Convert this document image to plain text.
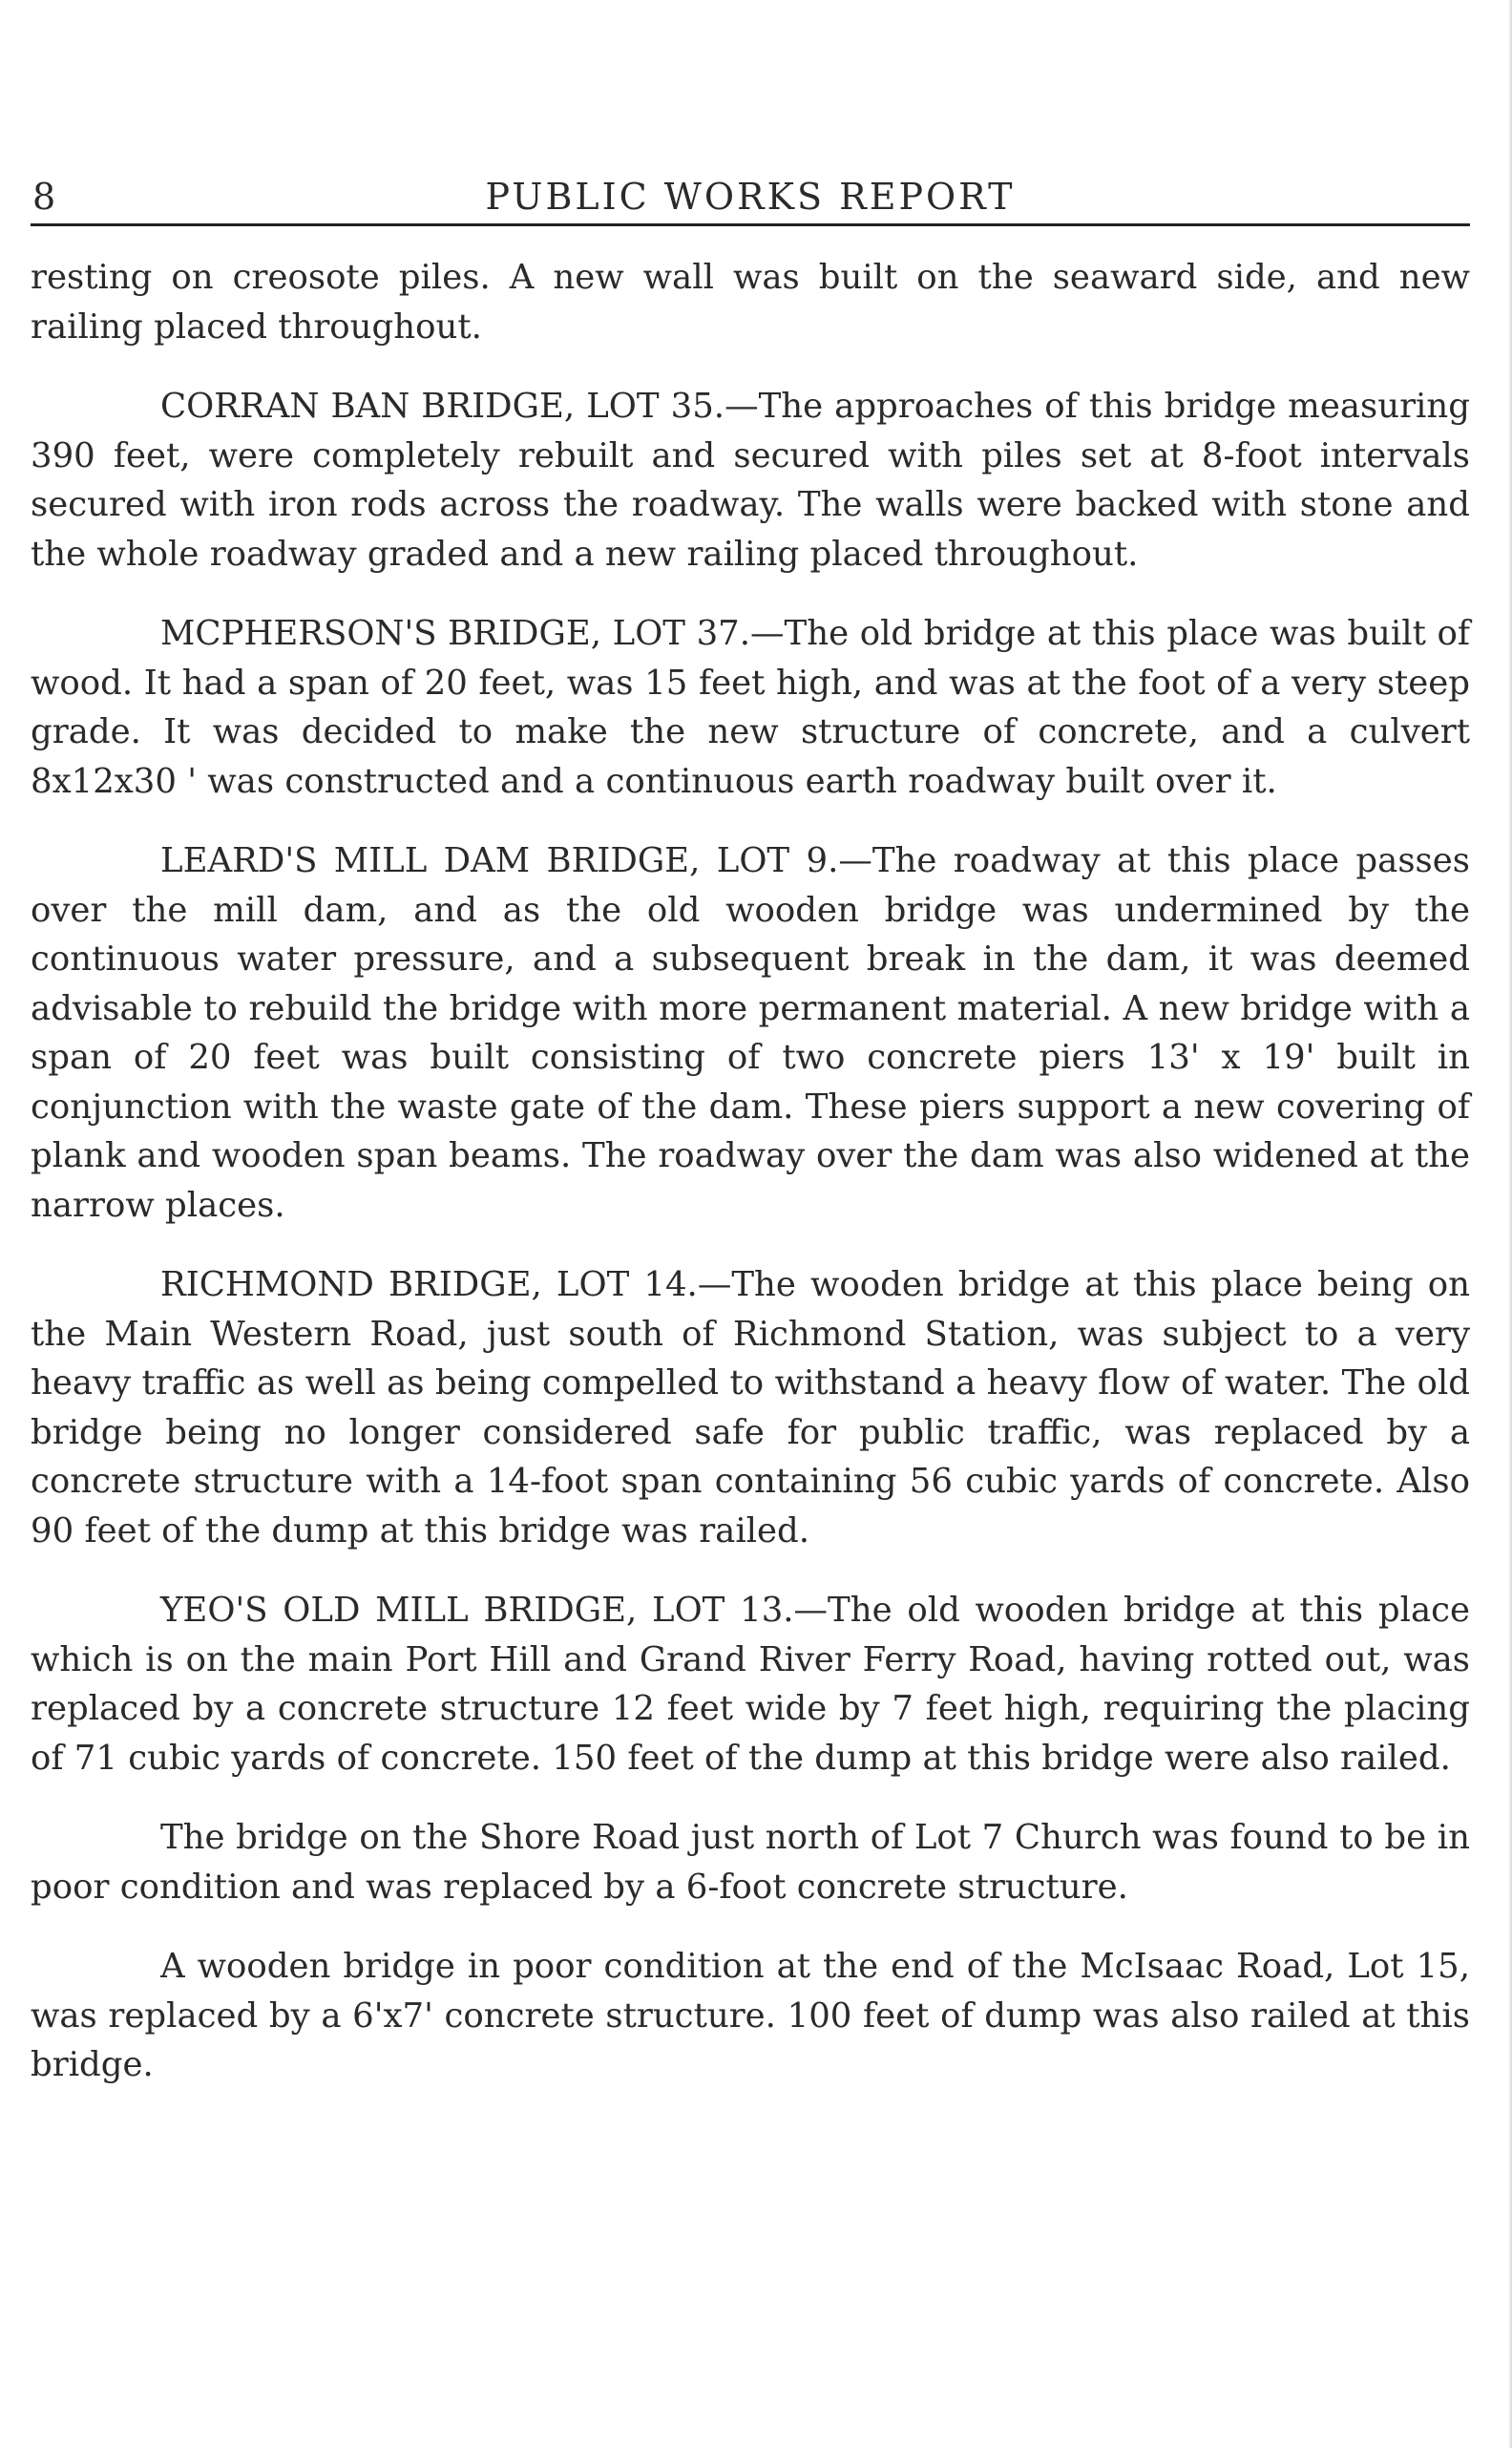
8	PUBLIC WORKS REPORT

resting on creosote piles. A new wall was built on the seaward side, and new railing placed throughout.

CORRAN BAN BRIDGE, LOT 35.—The approaches of this bridge measuring 390 feet, were completely rebuilt and secured with piles set at 8-foot intervals secured with iron rods across the roadway. The walls were backed with stone and the whole roadway graded and a new railing placed throughout.

MCPHERSON'S BRIDGE, LOT 37.—The old bridge at this place was built of wood. It had a span of 20 feet, was 15 feet high, and was at the foot of a very steep grade. It was decided to make the new structure of concrete, and a culvert 8x12x30 ' was constructed and a continuous earth roadway built over it.

LEARD'S MILL DAM BRIDGE, LOT 9.—The roadway at this place passes over the mill dam, and as the old wooden bridge was undermined by the continuous water pressure, and a subsequent break in the dam, it was deemed advisable to rebuild the bridge with more permanent material. A new bridge with a span of 20 feet was built consisting of two concrete piers 13' x 19' built in conjunction with the waste gate of the dam. These piers support a new covering of plank and wooden span beams. The roadway over the dam was also widened at the narrow places.

RICHMOND BRIDGE, LOT 14.—The wooden bridge at this place being on the Main Western Road, just south of Richmond Station, was subject to a very heavy traffic as well as being compelled to withstand a heavy flow of water. The old bridge being no longer considered safe for public traffic, was replaced by a concrete structure with a 14-foot span containing 56 cubic yards of concrete. Also 90 feet of the dump at this bridge was railed.

YEO'S OLD MILL BRIDGE, LOT 13.—The old wooden bridge at this place which is on the main Port Hill and Grand River Ferry Road, having rotted out, was replaced by a concrete structure 12 feet wide by 7 feet high, requiring the placing of 71 cubic yards of concrete. 150 feet of the dump at this bridge were also railed.

The bridge on the Shore Road just north of Lot 7 Church was found to be in poor condition and was replaced by a 6-foot concrete structure.

A wooden bridge in poor condition at the end of the McIsaac Road, Lot 15, was replaced by a 6'x7' concrete structure. 100 feet of dump was also railed at this bridge.
